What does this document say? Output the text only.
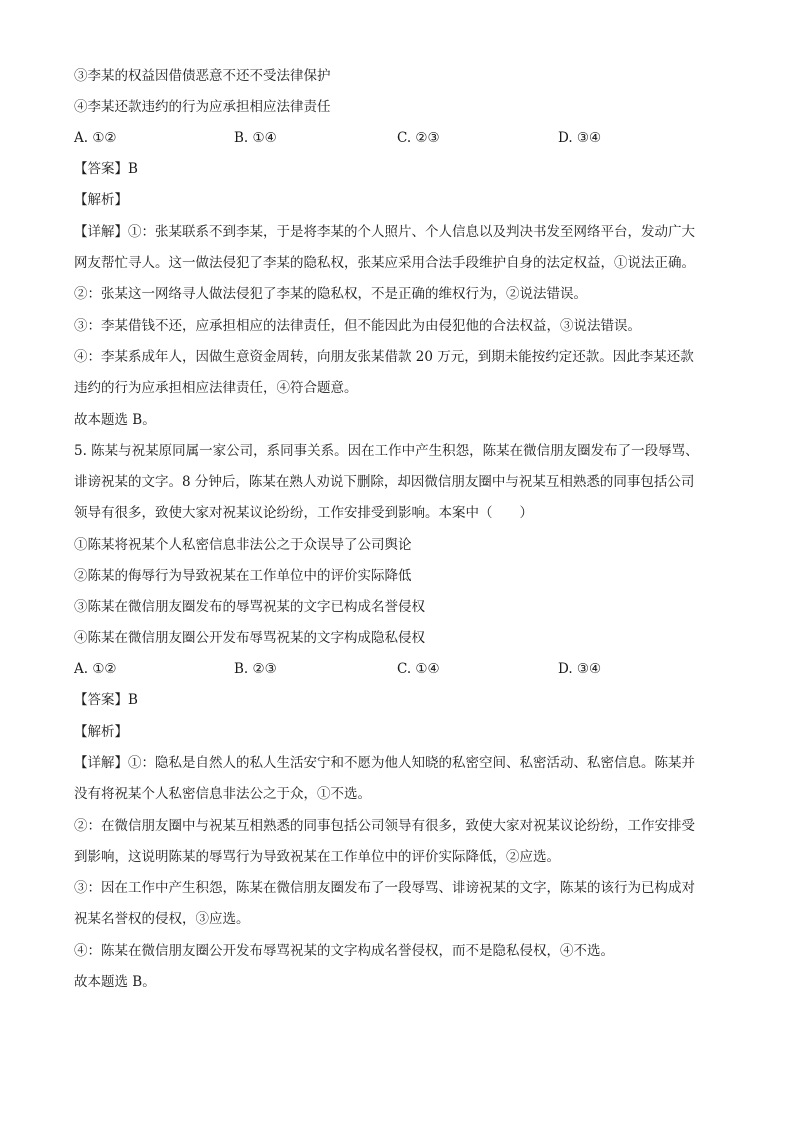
③李某的权益因借债恶意不还不受法律保护
④李某还款违约的行为应承担相应法律责任
A. ①②	B. ①④	C. ②③	D. ③④
【答案】B
【解析】
【详解】①：张某联系不到李某，于是将李某的个人照片、个人信息以及判决书发至网络平台，发动广大
网友帮忙寻人。这一做法侵犯了李某的隐私权，张某应采用合法手段维护自身的法定权益，①说法正确。
②：张某这一网络寻人做法侵犯了李某的隐私权，不是正确的维权行为，②说法错误。
③：李某借钱不还，应承担相应的法律责任，但不能因此为由侵犯他的合法权益，③说法错误。
④：李某系成年人，因做生意资金周转，向朋友张某借款 20 万元，到期未能按约定还款。因此李某还款
违约的行为应承担相应法律责任，④符合题意。
故本题选 B。
5. 陈某与祝某原同属一家公司，系同事关系。因在工作中产生积怨，陈某在微信朋友圈发布了一段辱骂、
诽谤祝某的文字。8 分钟后，陈某在熟人劝说下删除，却因微信朋友圈中与祝某互相熟悉的同事包括公司
领导有很多，致使大家对祝某议论纷纷，工作安排受到影响。本案中（　　）
①陈某将祝某个人私密信息非法公之于众误导了公司舆论
②陈某的侮辱行为导致祝某在工作单位中的评价实际降低
③陈某在微信朋友圈发布的辱骂祝某的文字已构成名誉侵权
④陈某在微信朋友圈公开发布辱骂祝某的文字构成隐私侵权
A. ①②	B. ②③	C. ①④	D. ③④
【答案】B
【解析】
【详解】①：隐私是自然人的私人生活安宁和不愿为他人知晓的私密空间、私密活动、私密信息。陈某并
没有将祝某个人私密信息非法公之于众，①不选。
②：在微信朋友圈中与祝某互相熟悉的同事包括公司领导有很多，致使大家对祝某议论纷纷，工作安排受
到影响，这说明陈某的辱骂行为导致祝某在工作单位中的评价实际降低，②应选。
③：因在工作中产生积怨，陈某在微信朋友圈发布了一段辱骂、诽谤祝某的文字，陈某的该行为已构成对
祝某名誉权的侵权，③应选。
④：陈某在微信朋友圈公开发布辱骂祝某的文字构成名誉侵权，而不是隐私侵权，④不选。
故本题选 B。
